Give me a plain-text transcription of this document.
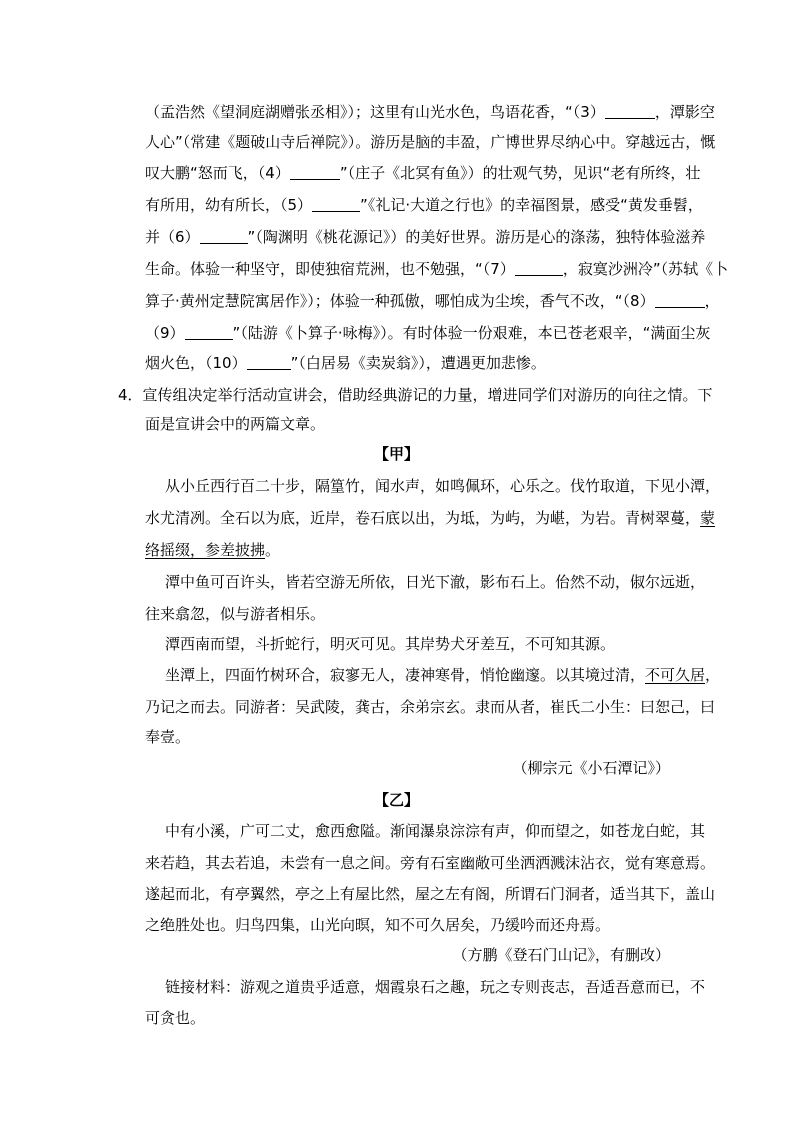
（孟浩然《望洞庭湖赠张丞相》）；这里有山光水色，鸟语花香，“（3）	，潭影空
人心”（常建《题破山寺后禅院》）。游历是脑的丰盈，广博世界尽纳心中。穿越远古，慨
叹大鹏“怒而飞，（4）	”（庄子《北冥有鱼》）的壮观气势，见识“老有所终，壮
有所用，幼有所长，（5）	”《礼记·大道之行也》的幸福图景，感受“黄发垂髫，
并（6）	”（陶渊明《桃花源记》）的美好世界。游历是心的涤荡，独特体验滋养
生命。体验一种坚守，即使独宿荒洲，也不勉强，“（7）	，寂寞沙洲冷”（苏轼《卜
算子·黄州定慧院寓居作》）；体验一种孤傲，哪怕成为尘埃，香气不改，“（8）	，
（9）	”（陆游《卜算子·咏梅》）。有时体验一份艰难，本已苍老艰辛，“满面尘灰
烟火色，（10）	”（白居易《卖炭翁》），遭遇更加悲惨。
4．宣传组决定举行活动宣讲会，借助经典游记的力量，增进同学们对游历的向往之情。下
面是宣讲会中的两篇文章。
【甲】
从小丘西行百二十步，隔篁竹，闻水声，如鸣佩环，心乐之。伐竹取道，下见小潭，
水尤清冽。全石以为底，近岸，卷石底以出，为坻，为屿，为嵁，为岩。青树翠蔓，蒙
络摇缀，参差披拂。
潭中鱼可百许头，皆若空游无所依，日光下澈，影布石上。佁然不动，俶尔远逝，
往来翕忽，似与游者相乐。
潭西南而望，斗折蛇行，明灭可见。其岸势犬牙差互，不可知其源。
坐潭上，四面竹树环合，寂寥无人，凄神寒骨，悄怆幽邃。以其境过清，不可久居，
乃记之而去。同游者：吴武陵，龚古，余弟宗玄。隶而从者，崔氏二小生：曰恕己，曰
奉壹。
（柳宗元《小石潭记》）
【乙】
中有小溪，广可二丈，愈西愈隘。渐闻瀑泉淙淙有声，仰而望之，如苍龙白蛇，其
来若趋，其去若追，未尝有一息之间。旁有石室幽敞可坐洒洒溅沫沾衣，觉有寒意焉。
遂起而北，有亭翼然，亭之上有屋比然，屋之左有阁，所谓石门洞者，适当其下，盖山
之绝胜处也。归鸟四集，山光向暝，知不可久居矣，乃缓吟而还舟焉。
（方鹏《登石门山记》，有删改）
链接材料：游观之道贵乎适意，烟霞泉石之趣，玩之专则丧志，吾适吾意而已，不
可贪也。
